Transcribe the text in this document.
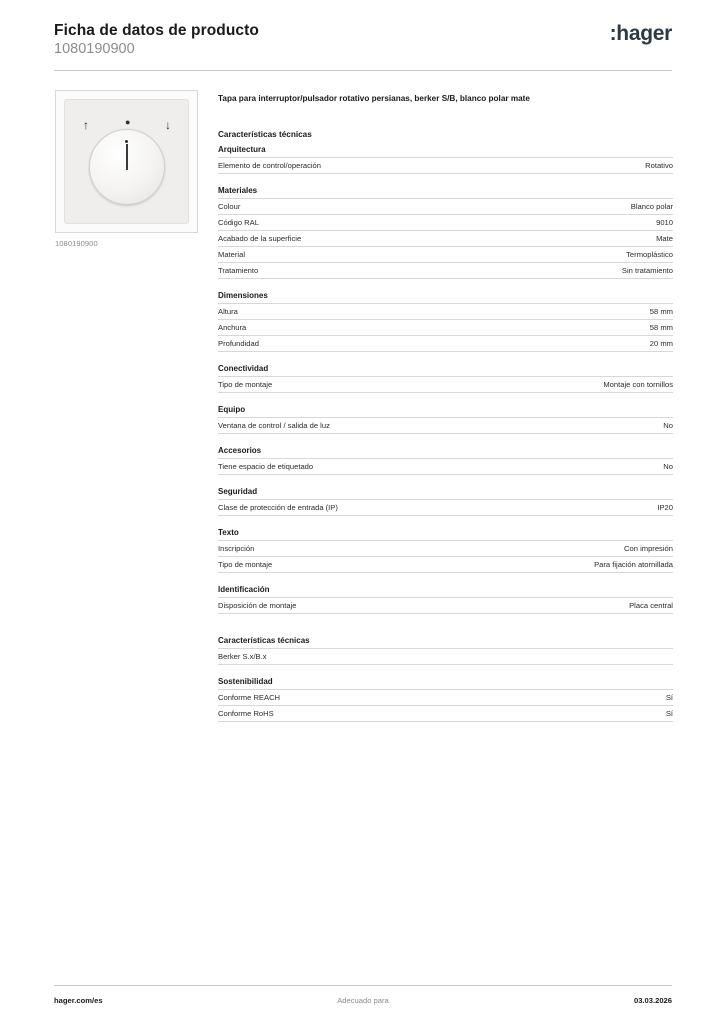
Ficha de datos de producto
1080190900
:hager
↑	●	↓
1080190900
Tapa para interruptor/pulsador rotativo persianas, berker S/B, blanco polar mate
Características técnicas
Arquitectura
Elemento de control/operación	Rotativo
Materiales
Colour	Blanco polar
Código RAL	9010
Acabado de la superficie	Mate
Material	Termoplástico
Tratamiento	Sin tratamiento
Dimensiones
Altura	58 mm
Anchura	58 mm
Profundidad	20 mm
Conectividad
Tipo de montaje	Montaje con tornillos
Equipo
Ventana de control / salida de luz	No
Accesorios
Tiene espacio de etiquetado	No
Seguridad
Clase de protección de entrada (IP)	IP20
Texto
Inscripción	Con impresión
Tipo de montaje	Para fijación atornillada
Identificación
Disposición de montaje	Placa central
Características técnicas
Berker S.x/B.x
Sostenibilidad
Conforme REACH	Sí
Conforme RoHS	Sí
hager.com/es	Adecuado para	03.03.2026
